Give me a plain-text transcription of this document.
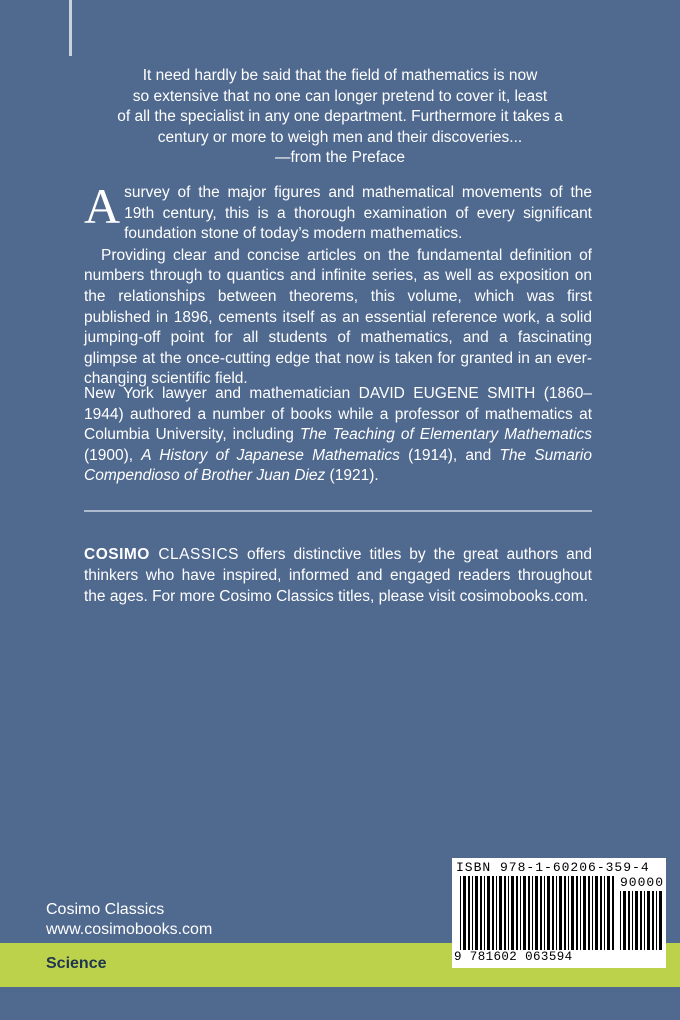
It need hardly be said that the field of mathematics is now

so extensive that no one can longer pretend to cover it, least

of all the specialist in any one department. Furthermore it takes a

century or more to weigh men and their discoveries...

—from the Preface

Asurvey of the major figures and mathematical movements of the 19th century, this is a thorough examination of every significant foundation stone of today’s modern mathematics.

Providing clear and concise articles on the fundamental definition of numbers through to quantics and infinite series, as well as exposition on the relationships between theorems, this volume, which was first published in 1896, cements itself as an essential reference work, a solid jumping-off point for all students of mathematics, and a fascinating glimpse at the once-cutting edge that now is taken for granted in an ever-changing scientific field.

New York lawyer and mathematician DAVID EUGENE SMITH (1860–1944) authored a number of books while a professor of mathematics at Columbia University, including The Teaching of Elementary Mathematics (1900), A History of Japanese Mathematics (1914), and The Sumario Compendioso of Brother Juan Diez (1921).
COSIMO CLASSICS offers distinctive titles by the great authors and thinkers who have inspired, informed and engaged readers throughout the ages. For more Cosimo Classics titles, please visit cosimobooks.com.
Cosimo Classics
www.cosimobooks.com
Science
ISBN 978-1-60206-359-4
90000
9 781602 063594
